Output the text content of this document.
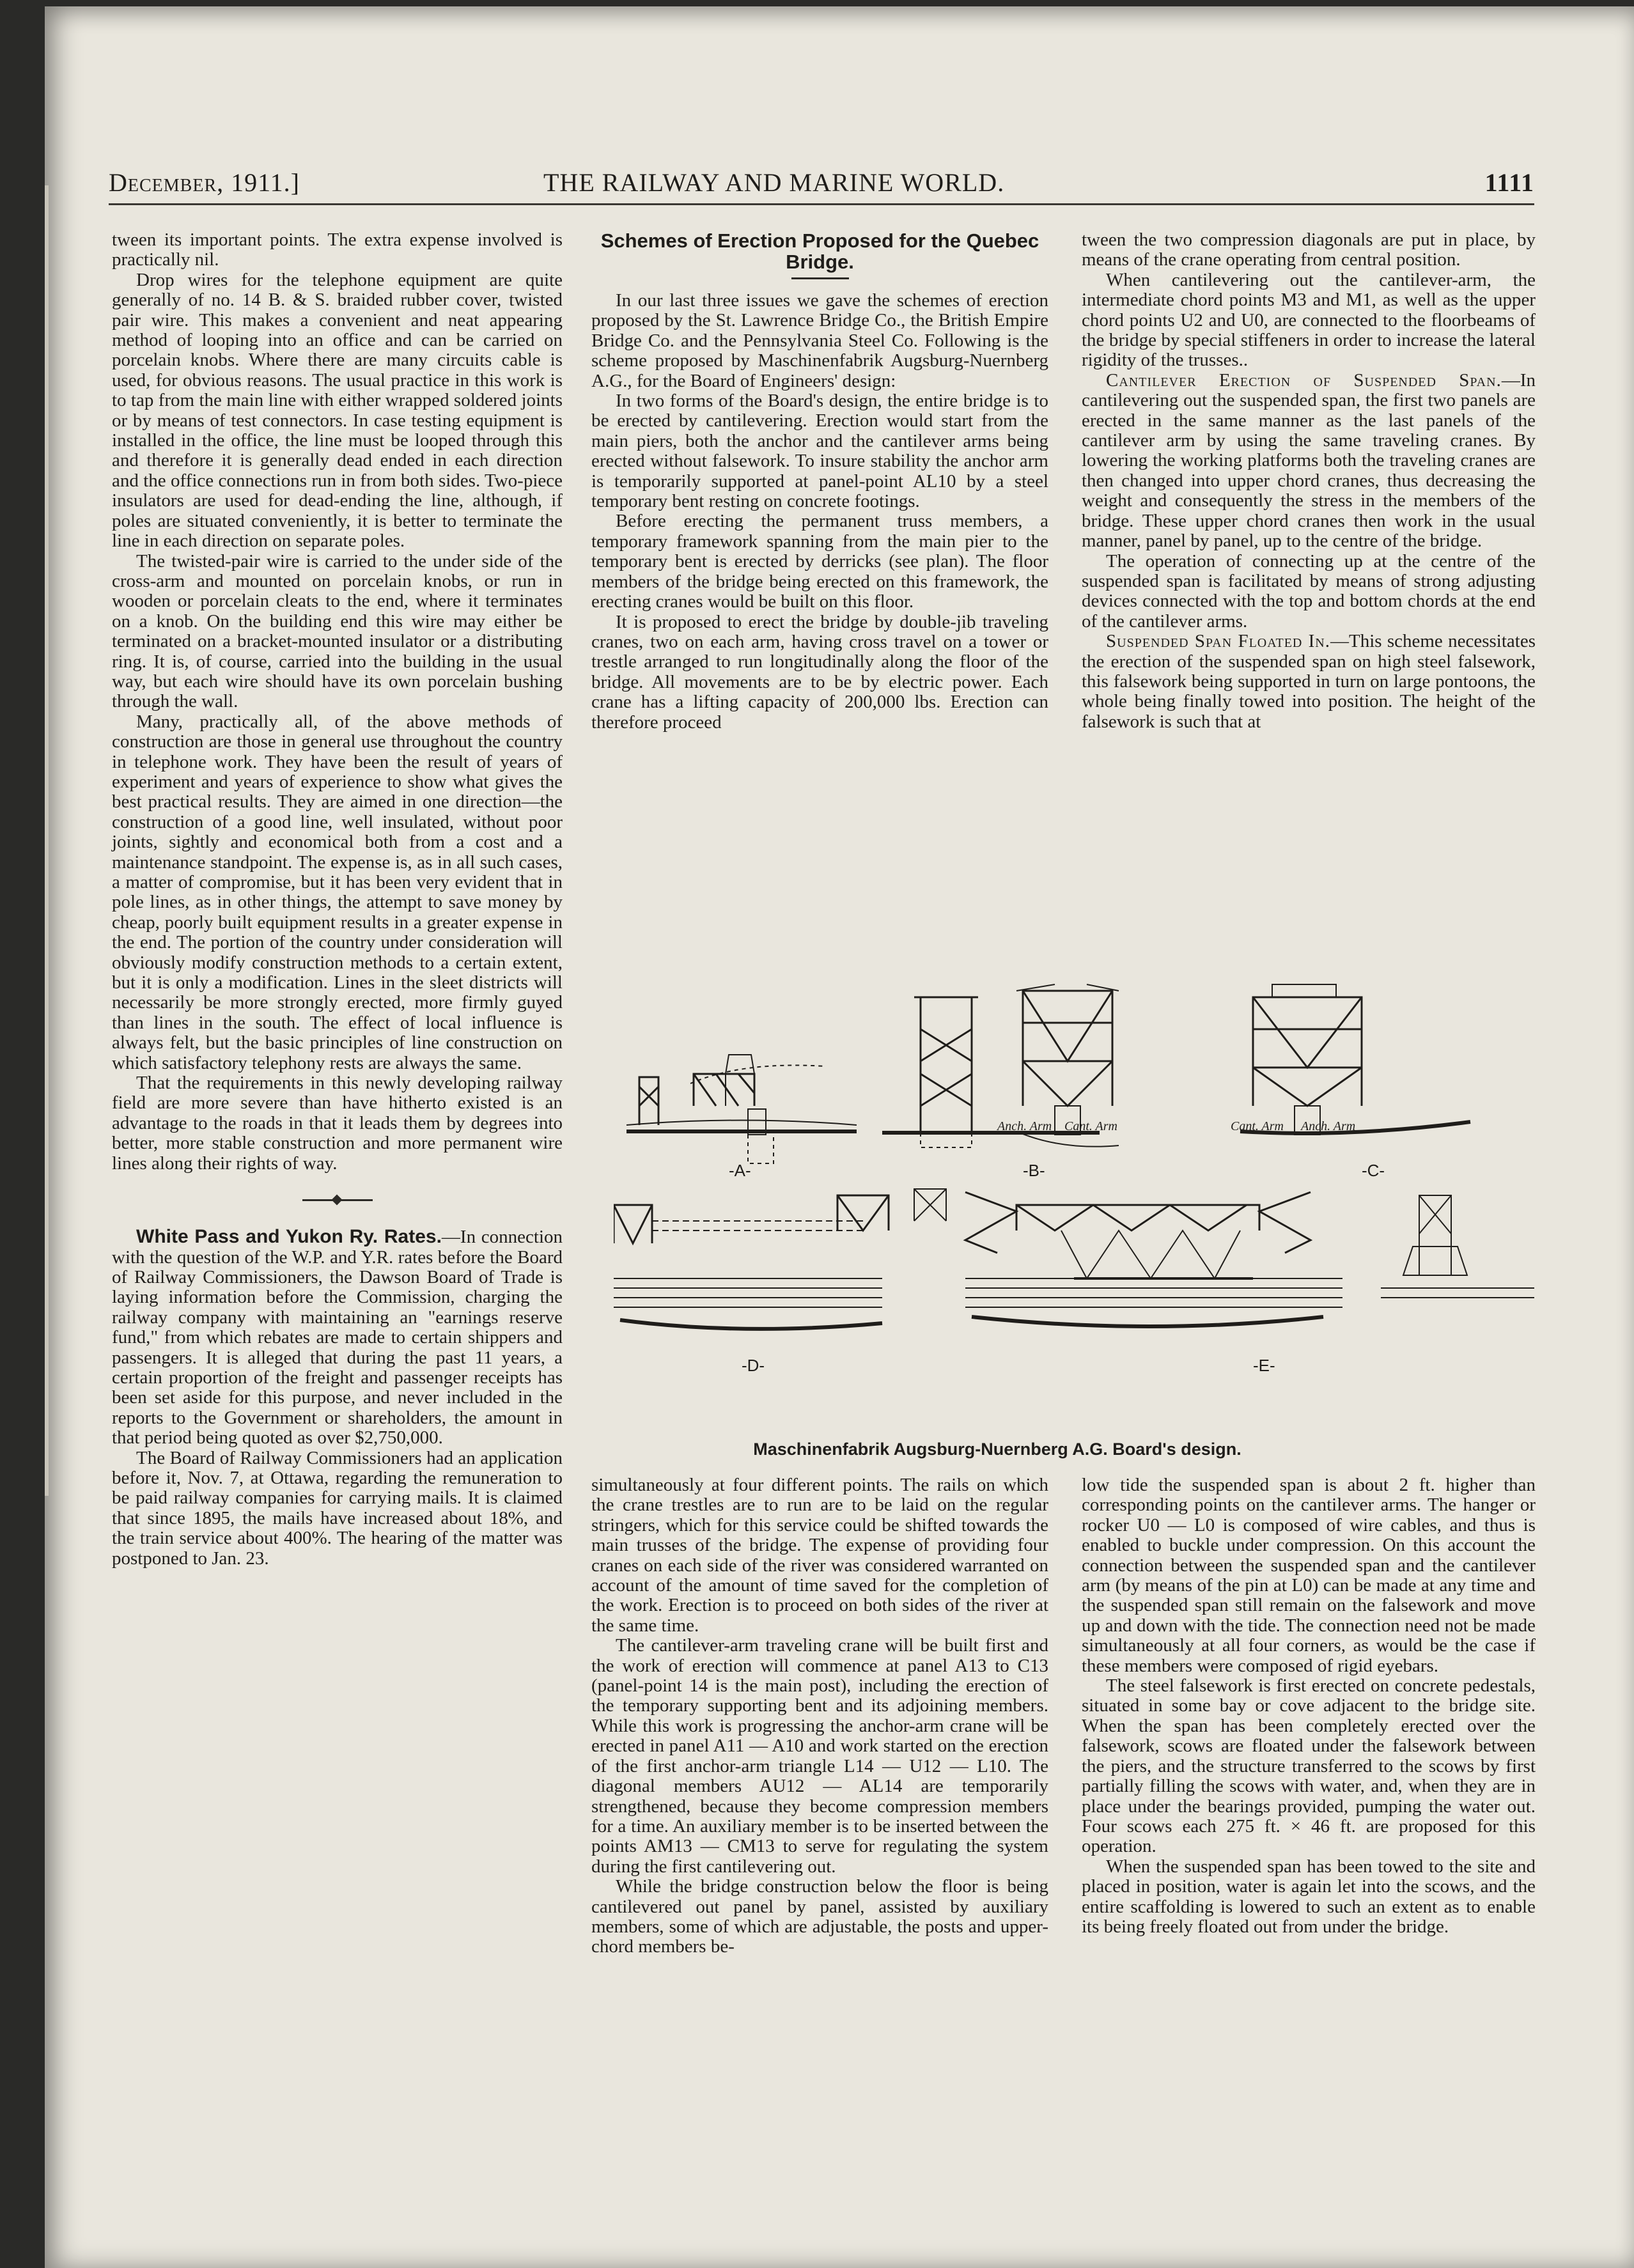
December, 1911.]	THE RAILWAY AND MARINE WORLD.	1111

tween its important points. The extra expense involved is practically nil.

Drop wires for the telephone equipment are quite generally of no. 14 B. & S. braided rubber cover, twisted pair wire. This makes a convenient and neat appearing method of looping into an office and can be carried on porcelain knobs. Where there are many circuits cable is used, for obvious reasons. The usual practice in this work is to tap from the main line with either wrapped soldered joints or by means of test connectors. In case testing equipment is installed in the office, the line must be looped through this and therefore it is generally dead ended in each direction and the office connections run in from both sides. Two-piece insulators are used for dead-ending the line, although, if poles are situated conveniently, it is better to terminate the line in each direction on separate poles.

The twisted-pair wire is carried to the under side of the cross-arm and mounted on porcelain knobs, or run in wooden or porcelain cleats to the end, where it terminates on a knob. On the building end this wire may either be terminated on a bracket-mounted insulator or a distributing ring. It is, of course, carried into the building in the usual way, but each wire should have its own porcelain bushing through the wall.

Many, practically all, of the above methods of construction are those in general use throughout the country in telephone work. They have been the result of years of experiment and years of experience to show what gives the best practical results. They are aimed in one direction—the construction of a good line, well insulated, without poor joints, sightly and economical both from a cost and a maintenance standpoint. The expense is, as in all such cases, a matter of compromise, but it has been very evident that in pole lines, as in other things, the attempt to save money by cheap, poorly built equipment results in a greater expense in the end. The portion of the country under consideration will obviously modify construction methods to a certain extent, but it is only a modification. Lines in the sleet districts will necessarily be more strongly erected, more firmly guyed than lines in the south. The effect of local influence is always felt, but the basic principles of line construction on which satisfactory telephony rests are always the same.

That the requirements in this newly developing railway field are more severe than have hitherto existed is an advantage to the roads in that it leads them by degrees into better, more stable construction and more permanent wire lines along their rights of way.

White Pass and Yukon Ry. Rates.—In connection with the question of the W.P. and Y.R. rates before the Board of Railway Commissioners, the Dawson Board of Trade is laying information before the Commission, charging the railway company with maintaining an "earnings reserve fund," from which rebates are made to certain shippers and passengers. It is alleged that during the past 11 years, a certain proportion of the freight and passenger receipts has been set aside for this purpose, and never included in the reports to the Government or shareholders, the amount in that period being quoted as over $2,750,000.

The Board of Railway Commissioners had an application before it, Nov. 7, at Ottawa, regarding the remuneration to be paid railway companies for carrying mails. It is claimed that since 1895, the mails have increased about 18%, and the train service about 400%. The hearing of the matter was postponed to Jan. 23.

Schemes of Erection Proposed for the Quebec Bridge.

In our last three issues we gave the schemes of erection proposed by the St. Lawrence Bridge Co., the British Empire Bridge Co. and the Pennsylvania Steel Co. Following is the scheme proposed by Maschinenfabrik Augsburg-Nuernberg A.G., for the Board of Engineers' design:

In two forms of the Board's design, the entire bridge is to be erected by cantilevering. Erection would start from the main piers, both the anchor and the cantilever arms being erected without falsework. To insure stability the anchor arm is temporarily supported at panel-point AL10 by a steel temporary bent resting on concrete footings.

Before erecting the permanent truss members, a temporary framework spanning from the main pier to the temporary bent is erected by derricks (see plan). The floor members of the bridge being erected on this framework, the erecting cranes would be built on this floor.

It is proposed to erect the bridge by double-jib traveling cranes, two on each arm, having cross travel on a tower or trestle arranged to run longitudinally along the floor of the bridge. All movements are to be by electric power. Each crane has a lifting capacity of 200,000 lbs. Erection can therefore proceed

tween the two compression diagonals are put in place, by means of the crane operating from central position.

When cantilevering out the cantilever-arm, the intermediate chord points M3 and M1, as well as the upper chord points U2 and U0, are connected to the floorbeams of the bridge by special stiffeners in order to increase the lateral rigidity of the trusses..

Cantilever Erection of Suspended Span.—In cantilevering out the suspended span, the first two panels are erected in the same manner as the last panels of the cantilever arm by using the same traveling cranes. By lowering the working platforms both the traveling cranes are then changed into upper chord cranes, thus decreasing the weight and consequently the stress in the members of the bridge. These upper chord cranes then work in the usual manner, panel by panel, up to the centre of the bridge.

The operation of connecting up at the centre of the suspended span is facilitated by means of strong adjusting devices connected with the top and bottom chords at the end of the cantilever arms.

Suspended Span Floated In.—This scheme necessitates the erection of the suspended span on high steel falsework, this falsework being supported in turn on large pontoons, the whole being finally towed into position. The height of the falsework is such that at

-A-	-B-	-C-
-D-	-E-
Anch. Arm Cant. Arm	Cant. Arm Anch. Arm
Maschinenfabrik Augsburg-Nuernberg A.G. Board's design.

simultaneously at four different points. The rails on which the crane trestles are to run are to be laid on the regular stringers, which for this service could be shifted towards the main trusses of the bridge. The expense of providing four cranes on each side of the river was considered warranted on account of the amount of time saved for the completion of the work. Erection is to proceed on both sides of the river at the same time.

The cantilever-arm traveling crane will be built first and the work of erection will commence at panel A13 to C13 (panel-point 14 is the main post), including the erection of the temporary supporting bent and its adjoining members. While this work is progressing the anchor-arm crane will be erected in panel A11 — A10 and work started on the erection of the first anchor-arm triangle L14 — U12 — L10. The diagonal members AU12 — AL14 are temporarily strengthened, because they become compression members for a time. An auxiliary member is to be inserted between the points AM13 — CM13 to serve for regulating the system during the first cantilevering out.

While the bridge construction below the floor is being cantilevered out panel by panel, assisted by auxiliary members, some of which are adjustable, the posts and upper-chord members be-

low tide the suspended span is about 2 ft. higher than corresponding points on the cantilever arms. The hanger or rocker U0 — L0 is composed of wire cables, and thus is enabled to buckle under compression. On this account the connection between the suspended span and the cantilever arm (by means of the pin at L0) can be made at any time and the suspended span still remain on the falsework and move up and down with the tide. The connection need not be made simultaneously at all four corners, as would be the case if these members were composed of rigid eyebars.

The steel falsework is first erected on concrete pedestals, situated in some bay or cove adjacent to the bridge site. When the span has been completely erected over the falsework, scows are floated under the falsework between the piers, and the structure transferred to the scows by first partially filling the scows with water, and, when they are in place under the bearings provided, pumping the water out. Four scows each 275 ft. × 46 ft. are proposed for this operation.

When the suspended span has been towed to the site and placed in position, water is again let into the scows, and the entire scaffolding is lowered to such an extent as to enable its being freely floated out from under the bridge.
